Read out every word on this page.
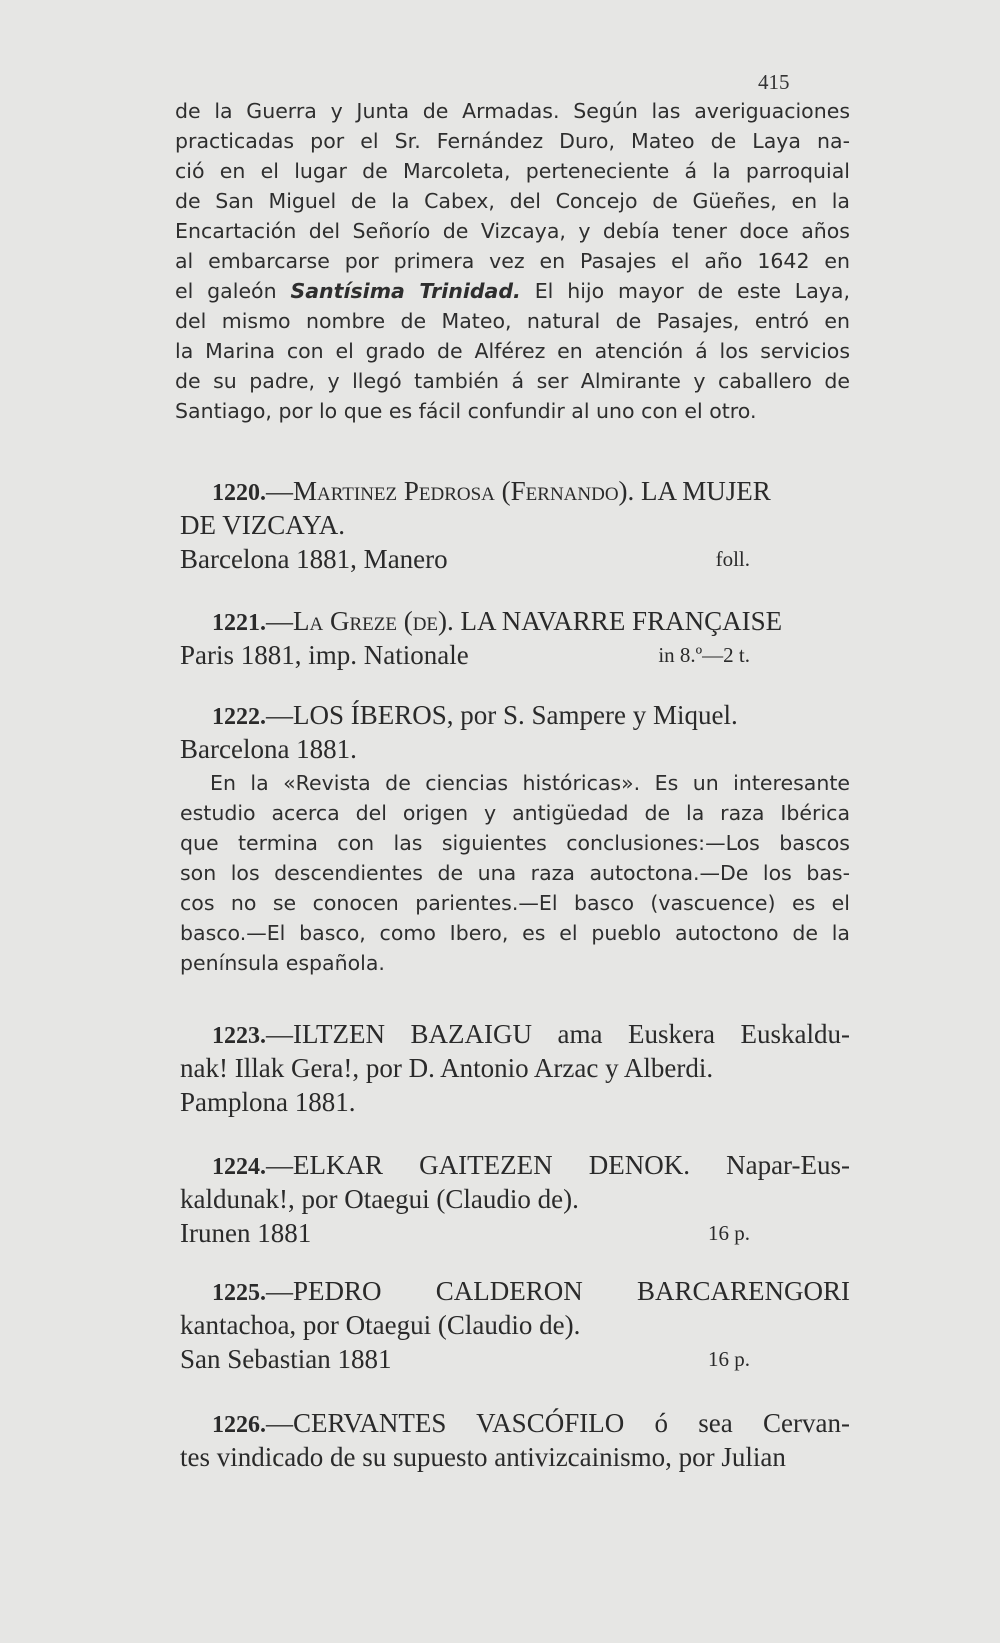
415
de la Guerra y Junta de Armadas. Según las averiguaciones
practicadas por el Sr. Fernández Duro, Mateo de Laya na-
ció en el lugar de Marcoleta, perteneciente á la parroquial
de San Miguel de la Cabex, del Concejo de Güeñes, en la
Encartación del Señorío de Vizcaya, y debía tener doce años
al embarcarse por primera vez en Pasajes el año 1642 en
el galeón Santísima Trinidad. El hijo mayor de este Laya,
del mismo nombre de Mateo, natural de Pasajes, entró en
la Marina con el grado de Alférez en atención á los servicios
de su padre, y llegó también á ser Almirante y caballero de
Santiago, por lo que es fácil confundir al uno con el otro.
1220.—Martinez Pedrosa (Fernando). LA MUJER
DE VIZCAYA.
Barcelona 1881, Manero	foll.
1221.—La Greze (de). LA NAVARRE FRANÇAISE
Paris 1881, imp. Nationale	in 8.º—2 t.
1222.—LOS ÍBEROS, por S. Sampere y Miquel.
Barcelona 1881.
En la «Revista de ciencias históricas». Es un interesante
estudio acerca del origen y antigüedad de la raza Ibérica
que termina con las siguientes conclusiones:—Los bascos
son los descendientes de una raza autoctona.—De los bas-
cos no se conocen parientes.—El basco (vascuence) es el
basco.—El basco, como Ibero, es el pueblo autoctono de la
península española.
1223.—ILTZEN BAZAIGU ama Euskera Euskaldu-
nak! Illak Gera!, por D. Antonio Arzac y Alberdi.
Pamplona 1881.
1224.—ELKAR GAITEZEN DENOK. Napar-Eus-
kaldunak!, por Otaegui (Claudio de).
Irunen 1881	16 p.
1225.—PEDRO CALDERON BARCARENGORI
kantachoa, por Otaegui (Claudio de).
San Sebastian 1881	16 p.
1226.—CERVANTES VASCÓFILO ó sea Cervan-
tes vindicado de su supuesto antivizcainismo, por Julian
